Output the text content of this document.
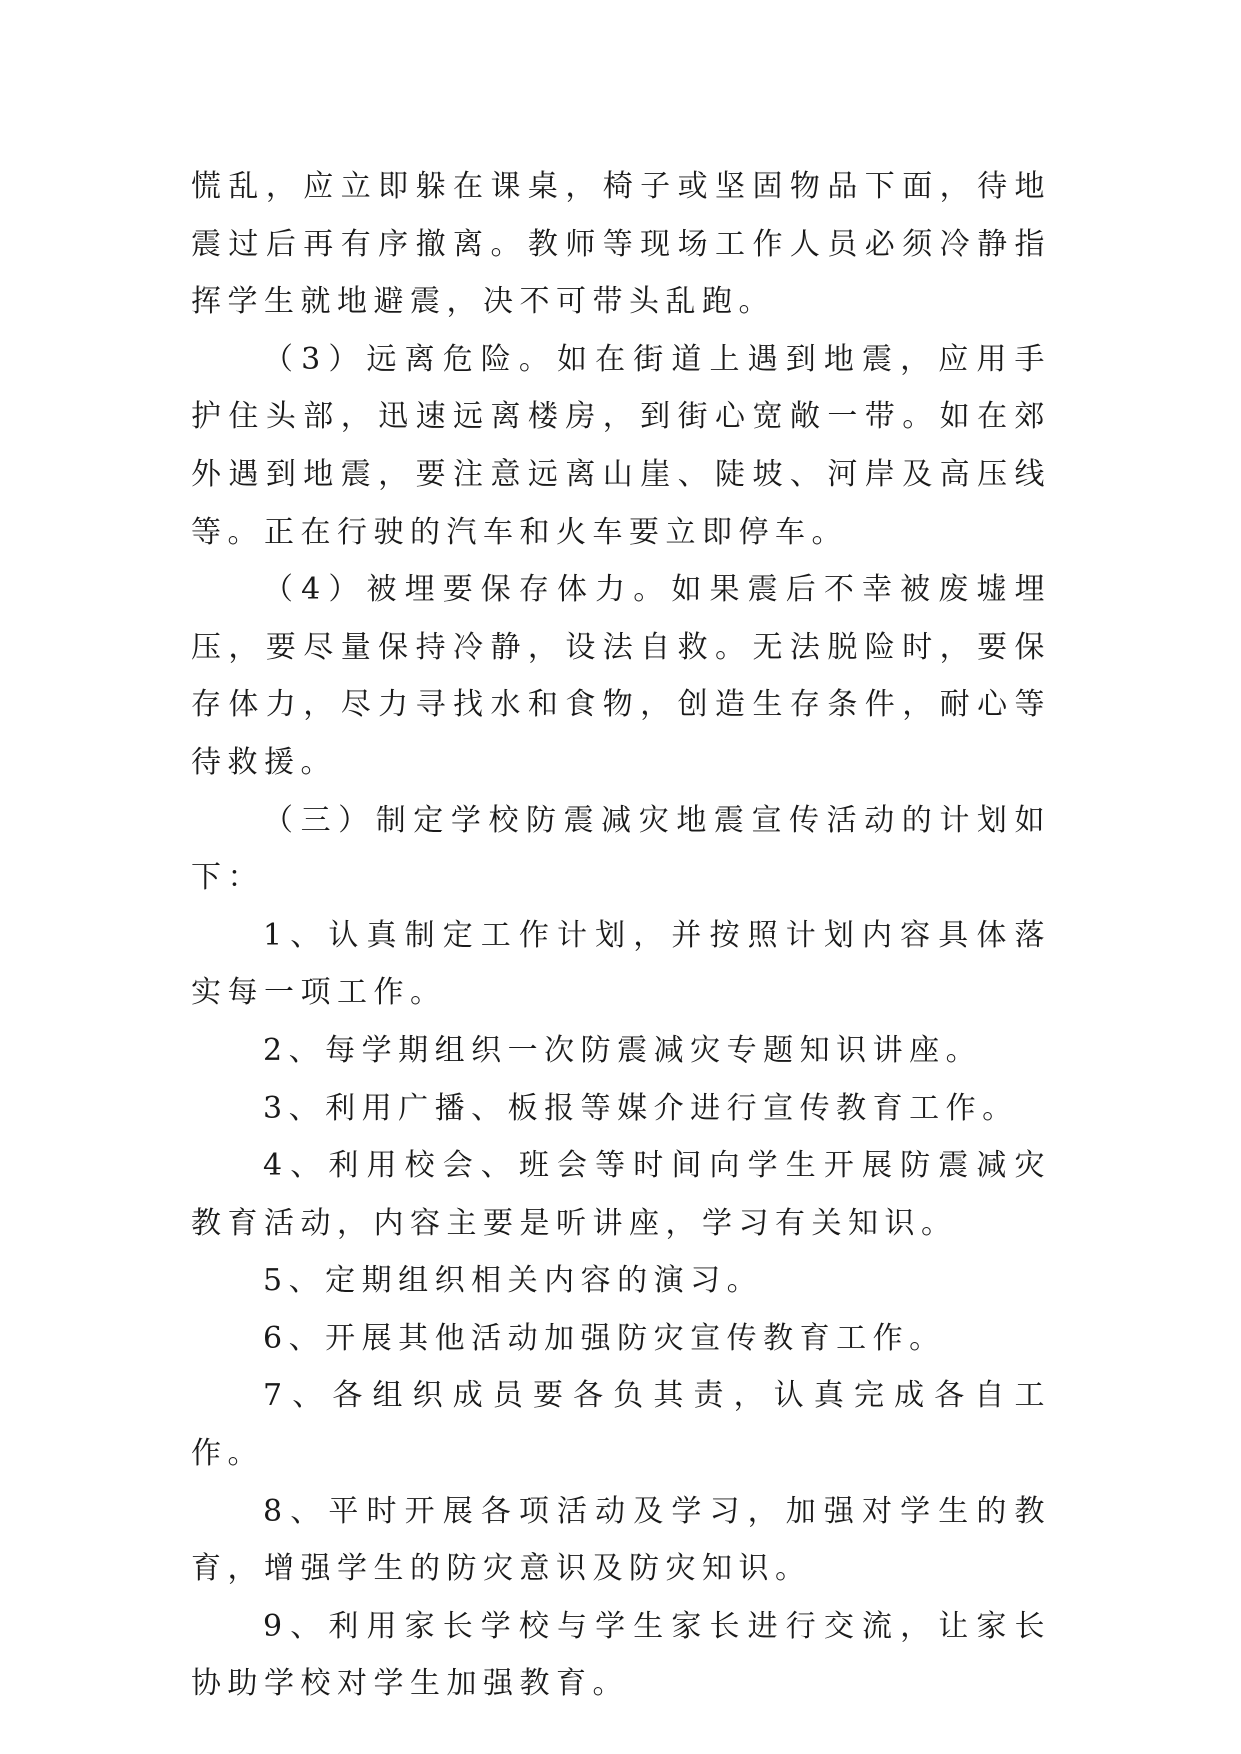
慌乱，应立即躲在课桌，椅子或坚固物品下面，待地震过后再有序撤离。教师等现场工作人员必须冷静指挥学生就地避震，决不可带头乱跑。

（3）远离危险。如在街道上遇到地震，应用手护住头部，迅速远离楼房，到街心宽敞一带。如在郊外遇到地震，要注意远离山崖、陡坡、河岸及高压线等。正在行驶的汽车和火车要立即停车。

（4）被埋要保存体力。如果震后不幸被废墟埋压，要尽量保持冷静，设法自救。无法脱险时，要保存体力，尽力寻找水和食物，创造生存条件，耐心等待救援。

（三）制定学校防震减灾地震宣传活动的计划如下：

1、认真制定工作计划，并按照计划内容具体落实每一项工作。

2、每学期组织一次防震减灾专题知识讲座。

3、利用广播、板报等媒介进行宣传教育工作。

4、利用校会、班会等时间向学生开展防震减灾教育活动，内容主要是听讲座，学习有关知识。

5、定期组织相关内容的演习。

6、开展其他活动加强防灾宣传教育工作。

7、各组织成员要各负其责，认真完成各自工作。

8、平时开展各项活动及学习，加强对学生的教育，增强学生的防灾意识及防灾知识。

9、利用家长学校与学生家长进行交流，让家长协助学校对学生加强教育。
